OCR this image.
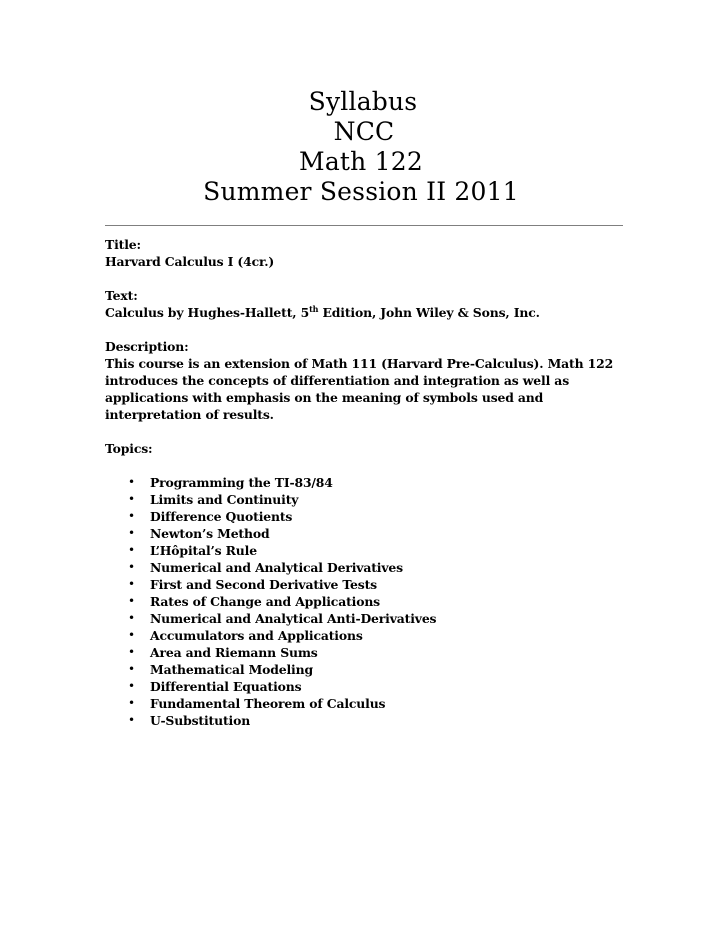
Syllabus
NCC
Math 122
Summer Session II 2011

Title:

Harvard Calculus I (4cr.)

Text:

Calculus by Hughes-Hallett, 5th Edition, John Wiley & Sons, Inc.

Description:

This course is an extension of Math 111 (Harvard Pre-Calculus). Math 122

introduces the concepts of differentiation and integration as well as

applications with emphasis on the meaning of symbols used and

interpretation of results.

Topics:

• Programming the TI-83/84
• Limits and Continuity
• Difference Quotients
• Newton’s Method
• L’Hôpital’s Rule
• Numerical and Analytical Derivatives
• First and Second Derivative Tests
• Rates of Change and Applications
• Numerical and Analytical Anti-Derivatives
• Accumulators and Applications
• Area and Riemann Sums
• Mathematical Modeling
• Differential Equations
• Fundamental Theorem of Calculus
• U-Substitution
